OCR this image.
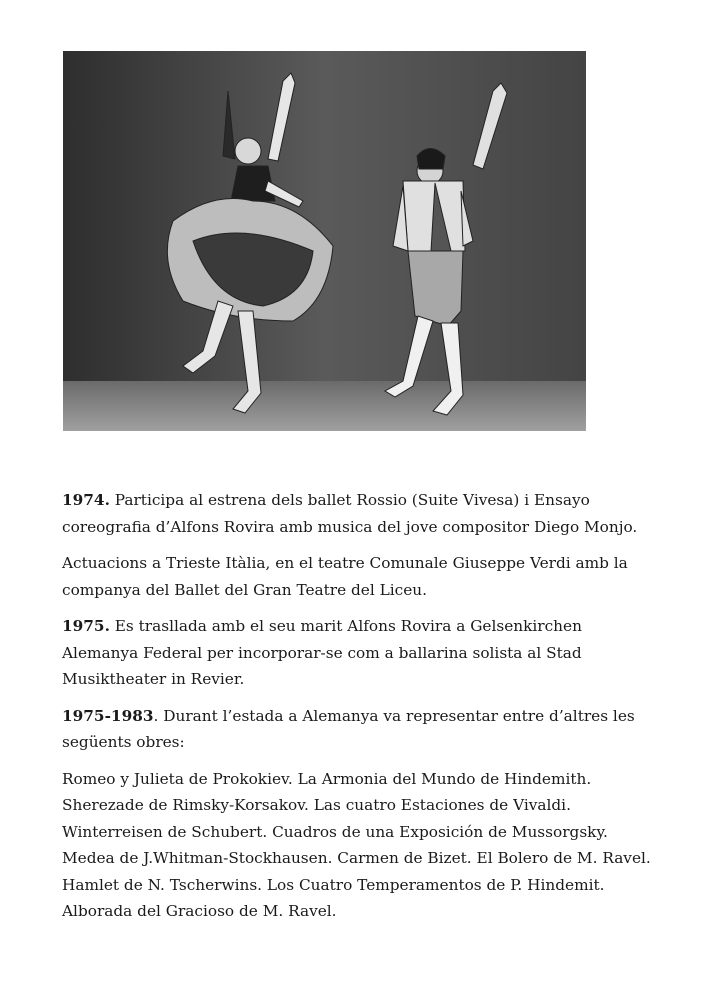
1974. Participa al estrena dels ballet Rossio (Suite Vivesa) i Ensayo coreografia d’Alfons Rovira amb musica del jove compositor Diego Monjo.

Actuacions a Trieste Itàlia, en el teatre Comunale Giuseppe Verdi amb la companya del Ballet del Gran Teatre del Liceu.

1975. Es traslladа amb el seu marit Alfons Rovira a Gelsenkirchen Alemanya Federal per incorporar-se com a ballarina solista al Stad Musiktheater in Revier.

1975-1983. Durant l’estada a Alemanya va representar entre d’altres les següents obres:

Romeo y Julieta de Prokokiev. La Armonia del Mundo de Hindemith. Sherezade de Rimsky-Korsakov. Las cuatro Estaciones de Vivaldi. Winterreisen de Schubert. Cuadros de una Exposición de Mussorgsky. Medea de J.Whitman-Stockhausen. Carmen de Bizet. El Bolero de M. Ravel. Hamlet de N. Tscherwins. Los Cuatro Temperamentos de P. Hindemit. Alborada del Gracioso de M. Ravel.
